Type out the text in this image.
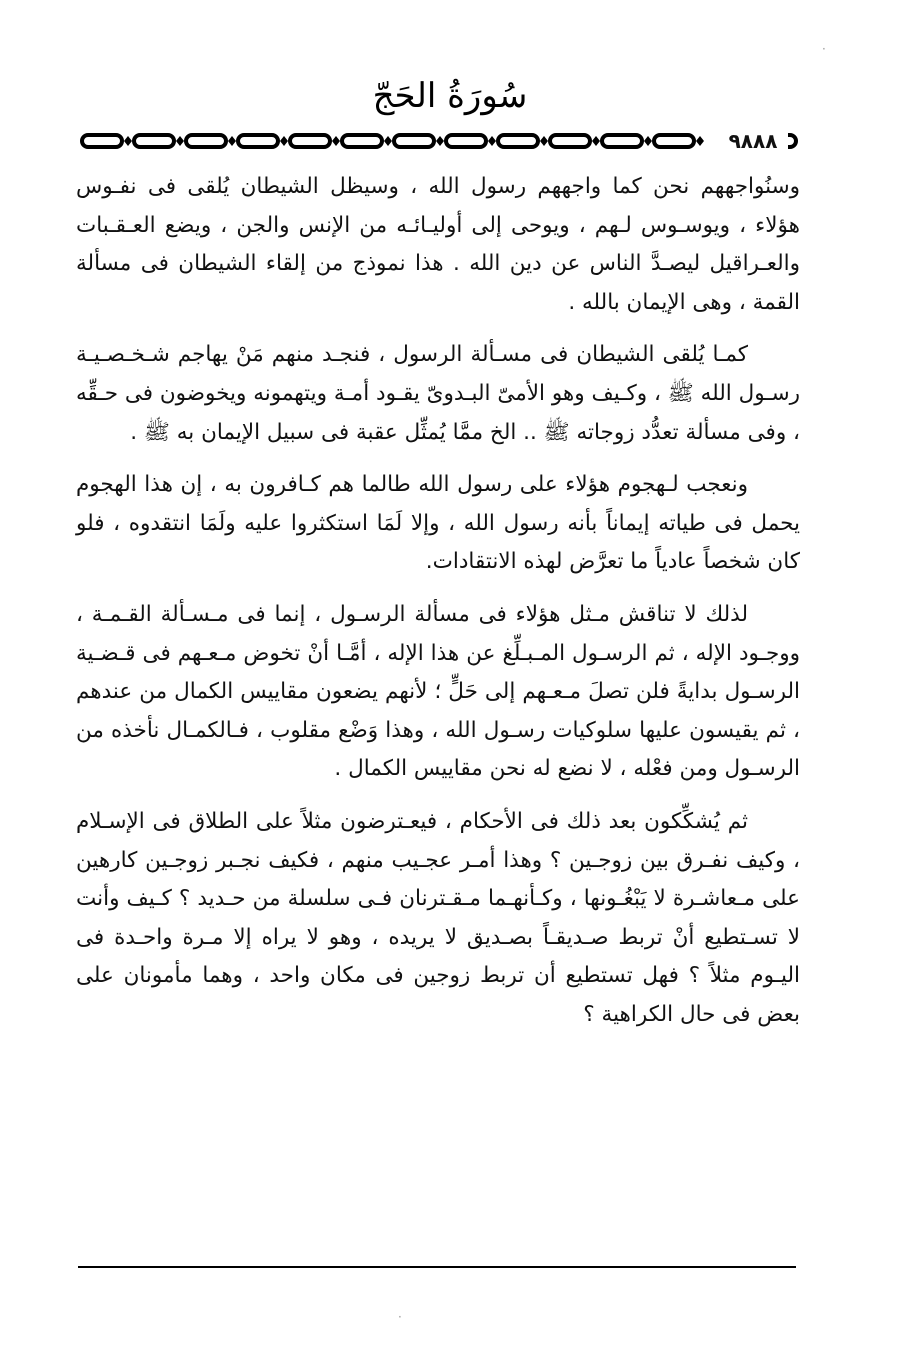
سُورَةُ الحَجّ
٩٨٨٨

وسنُواجههم نحن كما واجههم رسول الله ، وسيظل الشيطان يُلقى فى نفـوس هؤلاء ، ويوسـوس لـهم ، ويوحى إلى أوليـائـه من الإنس والجن ، ويضع العـقـبات والعـراقيل ليصـدَّ الناس عن دين الله . هذا نموذج من إلقاء الشيطان فى مسألة القمة ، وهى الإيمان بالله .

كمـا يُلقى الشيطان فى مسـألة الرسول ، فنجـد منهم مَنْ يهاجم شـخـصـيـة رسـول الله ﷺ ، وكـيف وهو الأمىّ البـدوىّ يقـود أمـة ويتهمونه ويخوضون فى حـقِّه ، وفى مسألة تعدُّد زوجاته ﷺ .. الخ ممَّا يُمثِّل عقبة فى سبيل الإيمان به ﷺ .

ونعجب لـهجوم هؤلاء على رسول الله طالما هم كـافرون به ، إن هذا الهجوم يحمل فى طياته إيماناً بأنه رسول الله ، وإلا لَمَا استكثروا عليه ولَمَا انتقدوه ، فلو كان شخصاً عادياً ما تعرَّض لهذه الانتقادات.

لذلك لا تناقش مـثل هؤلاء فى مسألة الرسـول ، إنما فى مـسـألة القـمـة ، ووجـود الإله ، ثم الرسـول المـبـلِّغ عن هذا الإله ، أمَّـا أنْ تخوض مـعـهم فى قـضـية الرسـول بدايةً فلن تصلَ مـعـهم إلى حَلٍّ ؛ لأنهم يضعون مقاييس الكمال من عندهم ، ثم يقيسون عليها سلوكيات رسـول الله ، وهذا وَضْع مقلوب ، فـالكمـال نأخذه من الرسـول ومن فعْله ، لا نضع له نحن مقاييس الكمال .

ثم يُشكِّكون بعد ذلك فى الأحكام ، فيعـترضون مثلاً على الطلاق فى الإسـلام ، وكيف نفـرق بين زوجـين ؟ وهذا أمـر عجـيب منهم ، فكيف نجـبر زوجـين كارهين على مـعاشـرة لا يَبْغُـونها ، وكـأنهـما مـقـترنان فـى سلسلة من حـديد ؟ كـيف وأنت لا تسـتطيع أنْ تربط صـديقـاً بصـديق لا يريده ، وهو لا يراه إلا مـرة واحـدة فى اليـوم مثلاً ؟ فهل تستطيع أن تربط زوجين فى مكان واحد ، وهما مأمونان على بعض فى حال الكراهية ؟

·
·
